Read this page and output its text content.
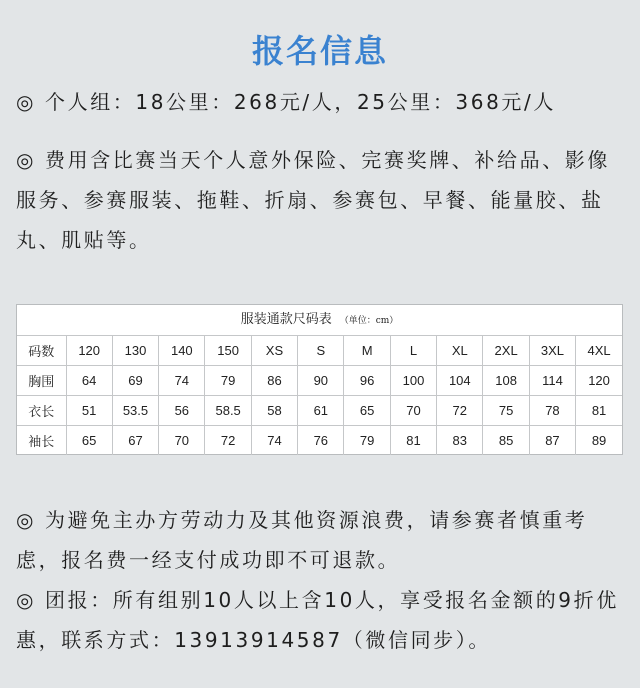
报名信息
◎ 个人组：18公里：268元/人，25公里：368元/人
◎ 费用含比赛当天个人意外保险、完赛奖牌、补给品、影像服务、参赛服装、拖鞋、折扇、参赛包、早餐、能量胶、盐丸、肌贴等。
服装通款尺码表 （单位：cm）
码数	120	130	140	150	XS	S	M	L	XL	2XL	3XL	4XL
胸围	64	69	74	79	86	90	96	100	104	108	114	120
衣长	51	53.5	56	58.5	58	61	65	70	72	75	78	81
袖长	65	67	70	72	74	76	79	81	83	85	87	89
◎ 为避免主办方劳动力及其他资源浪费，请参赛者慎重考虑，报名费一经支付成功即不可退款。
◎ 团报：所有组别10人以上含10人，享受报名金额的9折优惠，联系方式：13913914587（微信同步）。
